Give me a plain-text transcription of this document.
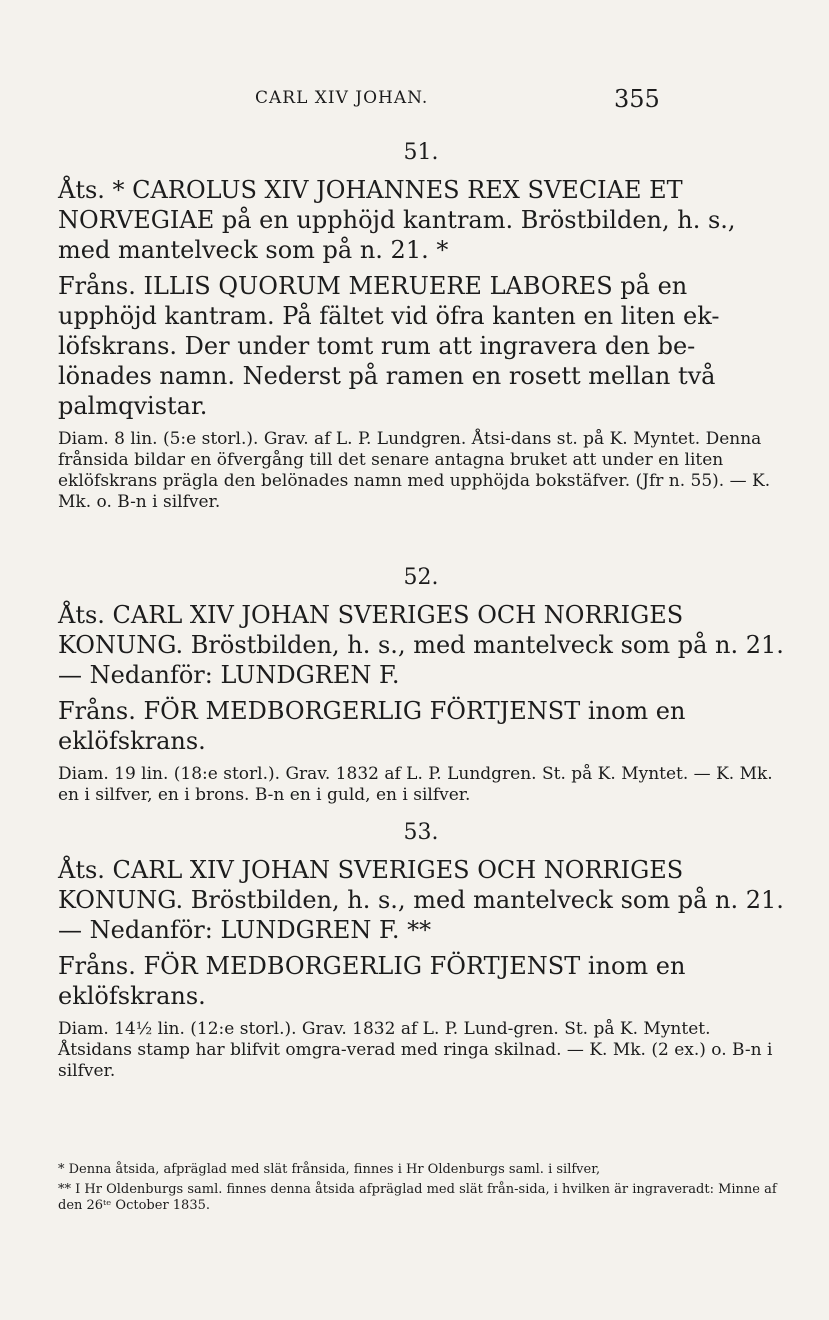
CARL XIV JOHAN.	355
51.

Åts. * CAROLUS XIV JOHANNES REX SVECIAE ET NORVEGIAE på en upphöjd kantram. Bröstbilden, h. s., med mantelveck som på n. 21. *

Fråns. ILLIS QUORUM MERUERE LABORES på en upphöjd kantram. På fältet vid öfra kanten en liten ek-löfskrans. Der under tomt rum att ingravera den be-lönades namn. Nederst på ramen en rosett mellan två palmqvistar.

Diam. 8 lin. (5:e storl.). Grav. af L. P. Lundgren. Åtsi-dans st. på K. Myntet. Denna frånsida bildar en öfvergång till det senare antagna bruket att under en liten eklöfskrans prägla den belönades namn med upphöjda bokstäfver. (Jfr n. 55). — K. Mk. o. B-n i silfver.

52.

Åts. CARL XIV JOHAN SVERIGES OCH NORRIGES KONUNG. Bröstbilden, h. s., med mantelveck som på n. 21. — Nedanför: LUNDGREN F.

Fråns. FÖR MEDBORGERLIG FÖRTJENST inom en eklöfskrans.

Diam. 19 lin. (18:e storl.). Grav. 1832 af L. P. Lundgren. St. på K. Myntet. — K. Mk. en i silfver, en i brons. B-n en i guld, en i silfver.

53.

Åts. CARL XIV JOHAN SVERIGES OCH NORRIGES KONUNG. Bröstbilden, h. s., med mantelveck som på n. 21. — Nedanför: LUNDGREN F. **

Fråns. FÖR MEDBORGERLIG FÖRTJENST inom en eklöfskrans.

Diam. 14½ lin. (12:e storl.). Grav. 1832 af L. P. Lund-gren. St. på K. Myntet. Åtsidans stamp har blifvit omgra-verad med ringa skilnad. — K. Mk. (2 ex.) o. B-n i silfver.

* Denna åtsida, afpräglad med slät frånsida, finnes i Hr Oldenburgs saml. i silfver,

** I Hr Oldenburgs saml. finnes denna åtsida afpräglad med slät från-sida, i hvilken är ingraveradt: Minne af den 26ᵗᵉ October 1835.
